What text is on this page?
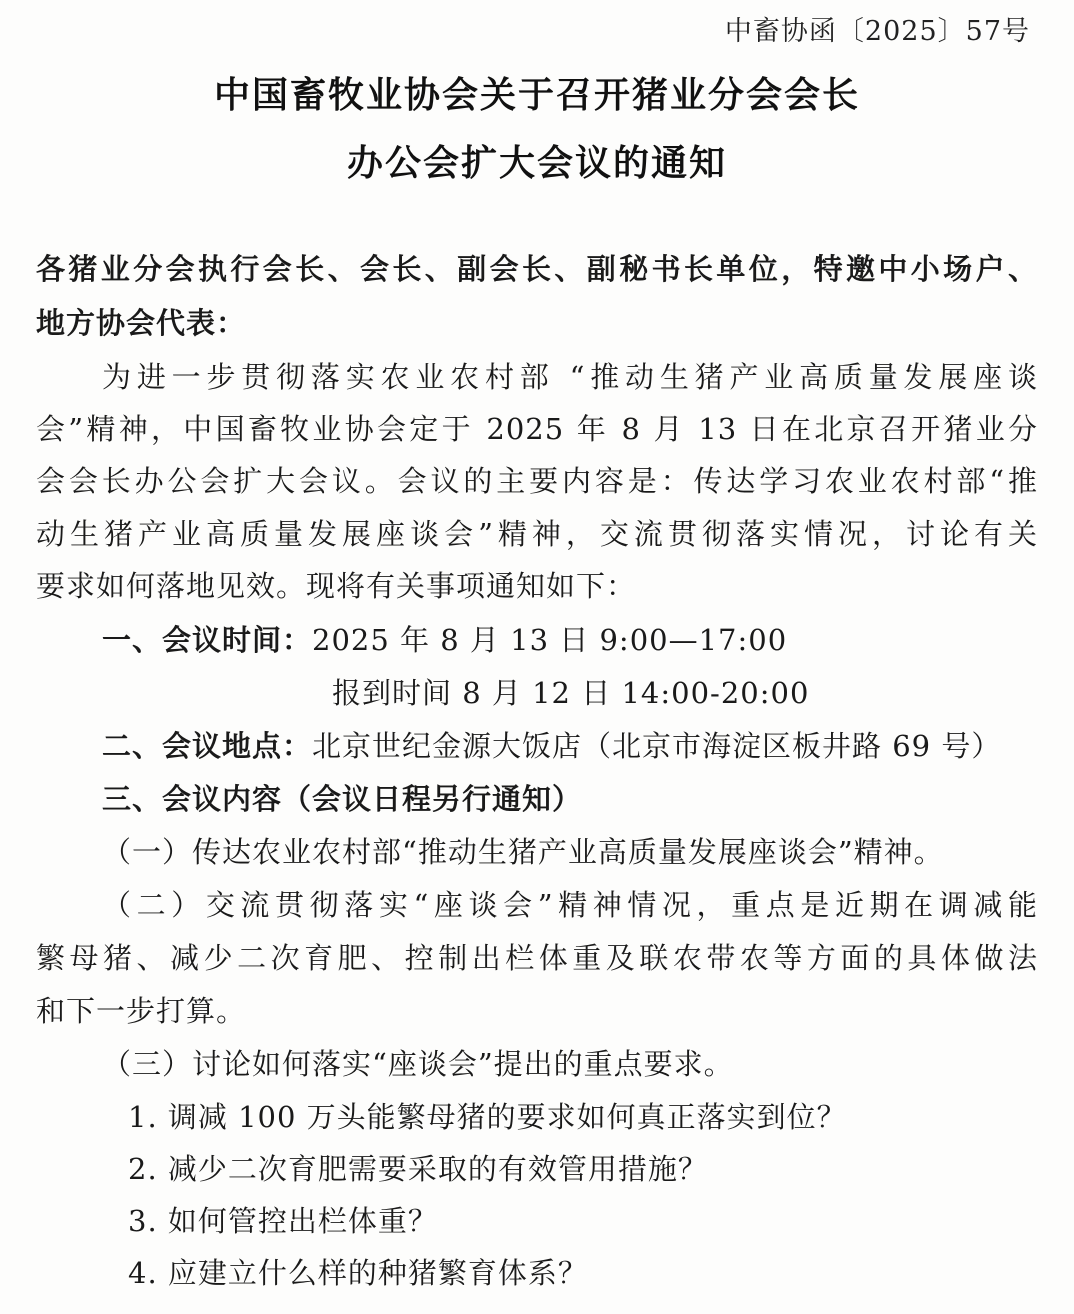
中畜协函〔2025〕57号
中国畜牧业协会关于召开猪业分会会长
办公会扩大会议的通知
各猪业分会执行会长、会长、副会长、副秘书长单位，特邀中小场户、
地方协会代表：
为进一步贯彻落实农业农村部 “推动生猪产业高质量发展座谈
会”精神，中国畜牧业协会定于 2025 年 8 月 13 日在北京召开猪业分
会会长办公会扩大会议。会议的主要内容是：传达学习农业农村部“推
动生猪产业高质量发展座谈会”精神，交流贯彻落实情况，讨论有关
要求如何落地见效。现将有关事项通知如下：
一、会议时间：2025 年 8 月 13 日 9:00—17:00
报到时间 8 月 12 日 14:00-20:00
二、会议地点：北京世纪金源大饭店（北京市海淀区板井路 69 号）
三、会议内容（会议日程另行通知）
（一）传达农业农村部“推动生猪产业高质量发展座谈会”精神。
（二）交流贯彻落实“座谈会”精神情况，重点是近期在调减能
繁母猪、减少二次育肥、控制出栏体重及联农带农等方面的具体做法
和下一步打算。
（三）讨论如何落实“座谈会”提出的重点要求。
1. 调减 100 万头能繁母猪的要求如何真正落实到位？
2. 减少二次育肥需要采取的有效管用措施？
3. 如何管控出栏体重？
4. 应建立什么样的种猪繁育体系？
